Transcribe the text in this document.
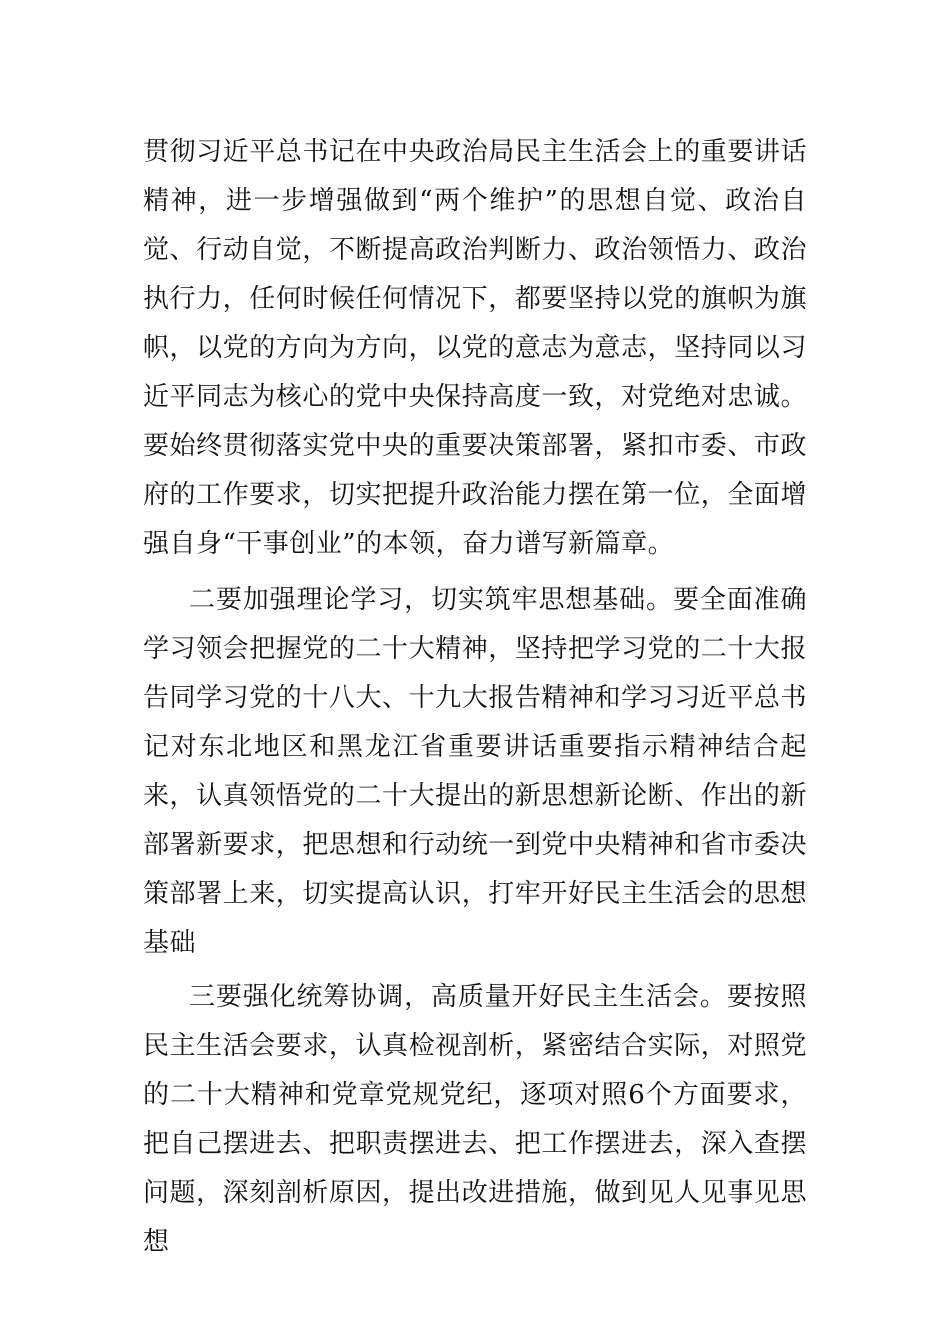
贯彻习近平总书记在中央政治局民主生活会上的重要讲话精神，进一步增强做到“两个维护”的思想自觉、政治自觉、行动自觉，不断提高政治判断力、政治领悟力、政治执行力，任何时候任何情况下，都要坚持以党的旗帜为旗帜，以党的方向为方向，以党的意志为意志，坚持同以习近平同志为核心的党中央保持高度一致，对党绝对忠诚。要始终贯彻落实党中央的重要决策部署，紧扣市委、市政府的工作要求，切实把提升政治能力摆在第一位，全面增强自身“干事创业”的本领，奋力谱写新篇章。

二要加强理论学习，切实筑牢思想基础。要全面准确学习领会把握党的二十大精神，坚持把学习党的二十大报告同学习党的十八大、十九大报告精神和学习习近平总书记对东北地区和黑龙江省重要讲话重要指示精神结合起来，认真领悟党的二十大提出的新思想新论断、作出的新部署新要求，把思想和行动统一到党中央精神和省市委决策部署上来，切实提高认识，打牢开好民主生活会的思想基础

三要强化统筹协调，高质量开好民主生活会。要按照民主生活会要求，认真检视剖析，紧密结合实际，对照党的二十大精神和党章党规党纪，逐项对照6个方面要求，把自己摆进去、把职责摆进去、把工作摆进去，深入查摆问题，深刻剖析原因，提出改进措施，做到见人见事见思想
